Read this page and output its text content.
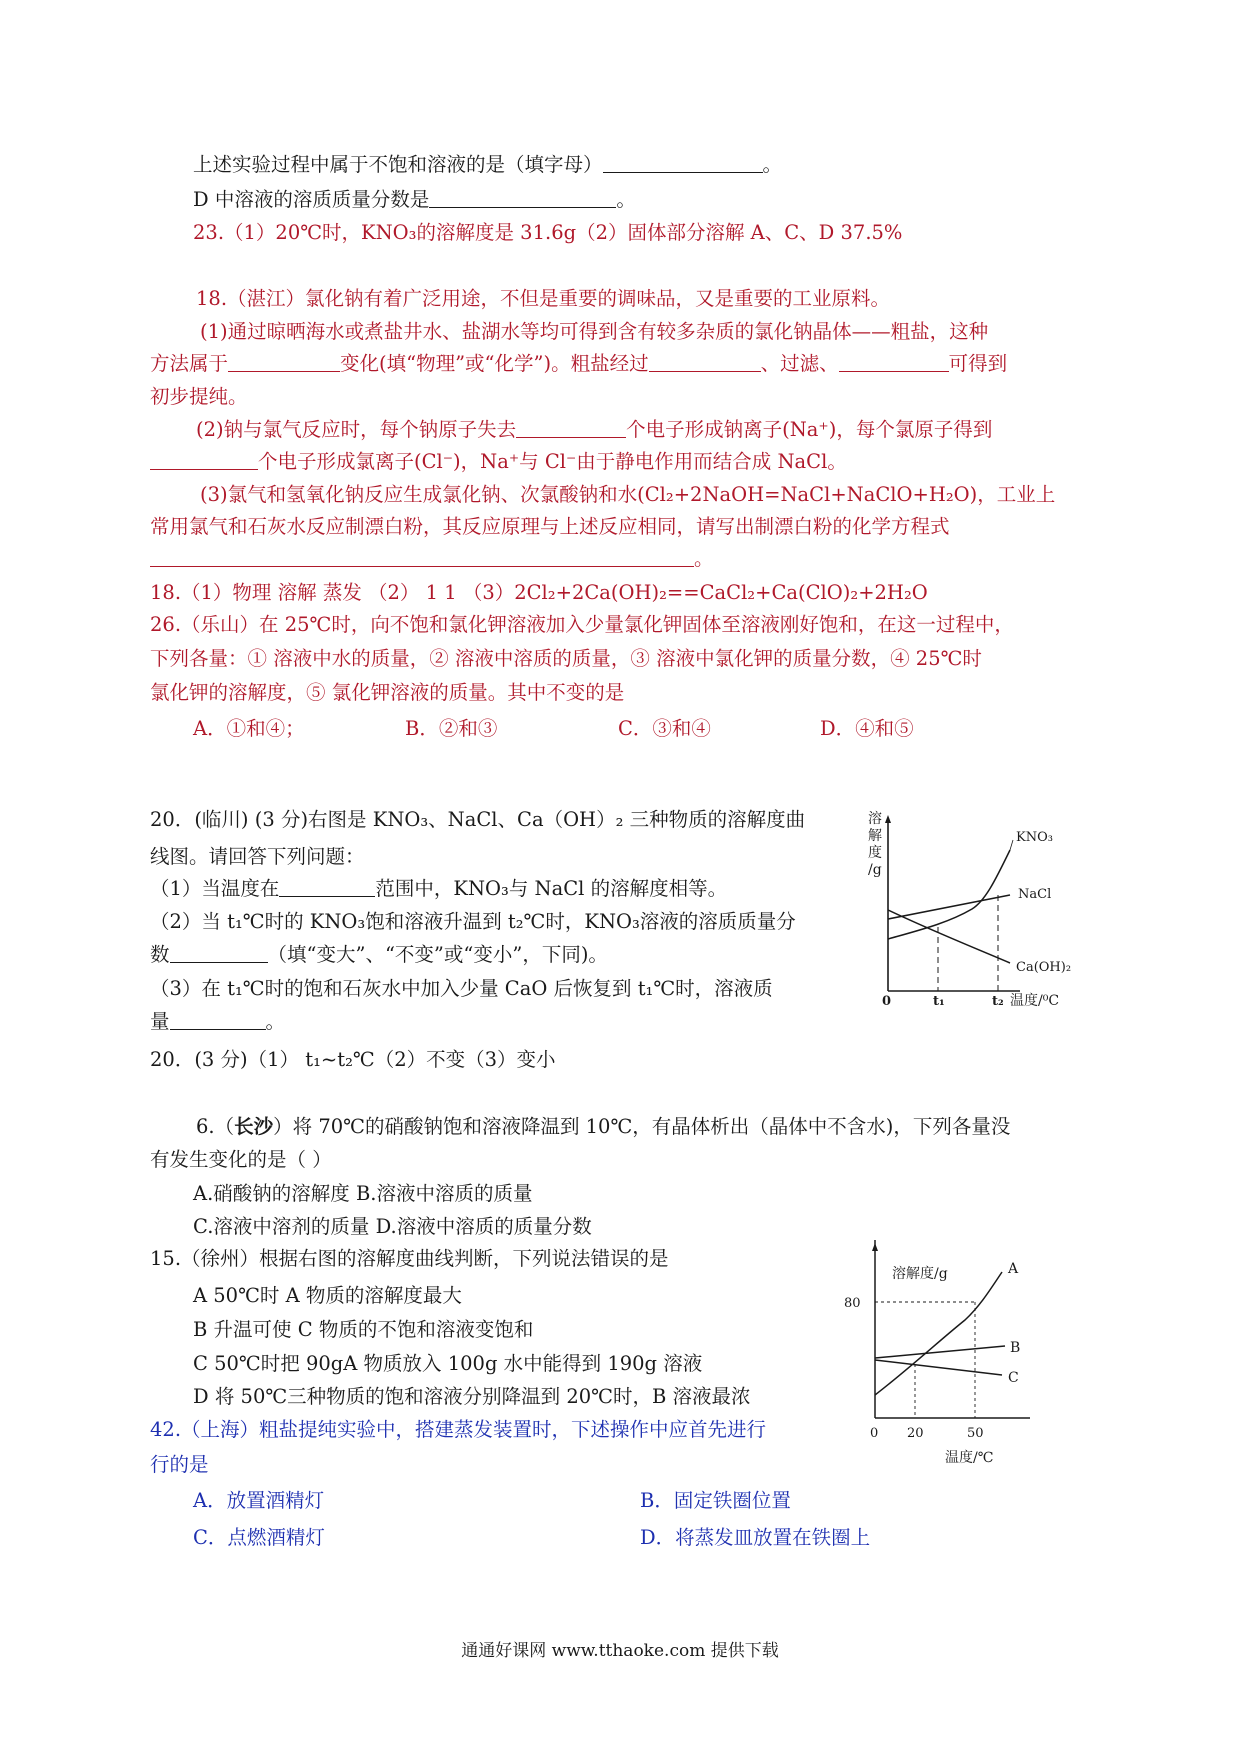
上述实验过程中属于不饱和溶液的是（填字母）	。
D 中溶液的溶质质量分数是	。
23.（1）20℃时，KNO₃的溶解度是 31.6g（2）固体部分溶解 A、C、D 37.5%
18.（湛江）氯化钠有着广泛用途，不但是重要的调味品，又是重要的工业原料。
(1)通过晾晒海水或煮盐井水、盐湖水等均可得到含有较多杂质的氯化钠晶体——粗盐，这种
方法属于	变化(填“物理”或“化学”)。粗盐经过	、过滤、	可得到
初步提纯。
(2)钠与氯气反应时，每个钠原子失去	个电子形成钠离子(Na⁺)，每个氯原子得到
个电子形成氯离子(Cl⁻)，Na⁺与 Cl⁻由于静电作用而结合成 NaCl。
(3)氯气和氢氧化钠反应生成氯化钠、次氯酸钠和水(Cl₂+2NaOH=NaCl+NaClO+H₂O)，工业上
常用氯气和石灰水反应制漂白粉，其反应原理与上述反应相同，请写出制漂白粉的化学方程式
。
18.（1）物理 溶解 蒸发 （2） 1 1 （3）2Cl₂+2Ca(OH)₂==CaCl₂+Ca(ClO)₂+2H₂O
26.（乐山）在 25℃时，向不饱和氯化钾溶液加入少量氯化钾固体至溶液刚好饱和，在这一过程中，
下列各量：① 溶液中水的质量，② 溶液中溶质的质量，③ 溶液中氯化钾的质量分数，④ 25℃时
氯化钾的溶解度，⑤ 氯化钾溶液的质量。其中不变的是
A．①和④；	B．②和③	C．③和④	D．④和⑤
20．(临川) (3 分)右图是 KNO₃、NaCl、Ca（OH）₂ 三种物质的溶解度曲
线图。请回答下列问题：
（1）当温度在	范围中，KNO₃与 NaCl 的溶解度相等。
（2）当 t₁℃时的 KNO₃饱和溶液升温到 t₂℃时，KNO₃溶液的溶质质量分
数	（填“变大”、“不变”或“变小”，下同)。
（3）在 t₁℃时的饱和石灰水中加入少量 CaO 后恢复到 t₁℃时，溶液质
量	。
20．(3 分)（1） t₁~t₂℃（2）不变（3）变小
溶
解
度
/g
KNO₃
NaCl
Ca(OH)₂
0	t₁	t₂ 温度/⁰C
6.（长沙）将 70℃的硝酸钠饱和溶液降温到 10℃，有晶体析出（晶体中不含水)，下列各量没
有发生变化的是（ ）
A.硝酸钠的溶解度 B.溶液中溶质的质量
C.溶液中溶剂的质量 D.溶液中溶质的质量分数
15.（徐州）根据右图的溶解度曲线判断，下列说法错误的是
A 50℃时 A 物质的溶解度最大
B 升温可使 C 物质的不饱和溶液变饱和
C 50℃时把 90gA 物质放入 100g 水中能得到 190g 溶液
D 将 50℃三种物质的饱和溶液分别降温到 20℃时，B 溶液最浓
溶解度/g
80
A
B
C
0 20	50
温度/℃
42.（上海）粗盐提纯实验中，搭建蒸发装置时，下述操作中应首先进行
行的是
A．放置酒精灯	B．固定铁圈位置
C．点燃酒精灯	D．将蒸发皿放置在铁圈上
通通好课网 www.tthaoke.com 提供下载
